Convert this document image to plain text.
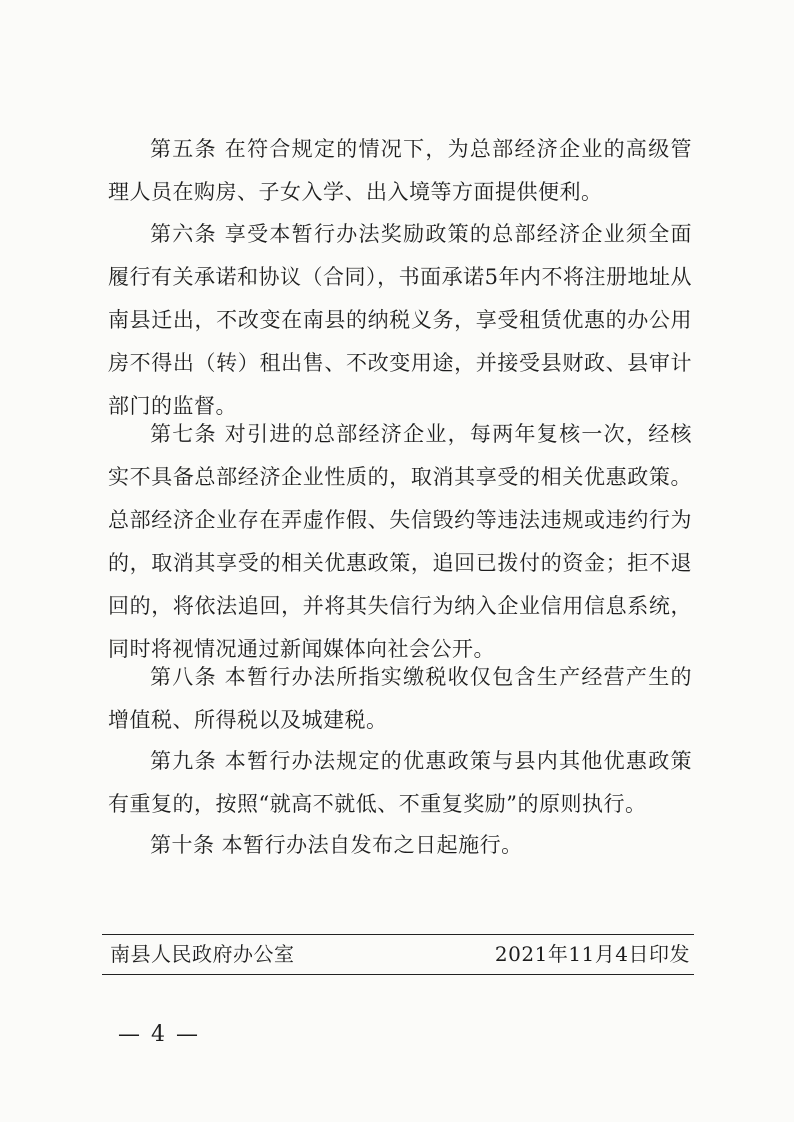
第五条 在符合规定的情况下，为总部经济企业的高级管理人员在购房、子女入学、出入境等方面提供便利。

第六条 享受本暂行办法奖励政策的总部经济企业须全面履行有关承诺和协议（合同），书面承诺5年内不将注册地址从南县迁出，不改变在南县的纳税义务，享受租赁优惠的办公用房不得出（转）租出售、不改变用途，并接受县财政、县审计部门的监督。

第七条 对引进的总部经济企业，每两年复核一次，经核实不具备总部经济企业性质的，取消其享受的相关优惠政策。总部经济企业存在弄虚作假、失信毁约等违法违规或违约行为的，取消其享受的相关优惠政策，追回已拨付的资金；拒不退回的，将依法追回，并将其失信行为纳入企业信用信息系统，同时将视情况通过新闻媒体向社会公开。

第八条 本暂行办法所指实缴税收仅包含生产经营产生的增值税、所得税以及城建税。

第九条 本暂行办法规定的优惠政策与县内其他优惠政策有重复的，按照“就高不就低、不重复奖励”的原则执行。

第十条 本暂行办法自发布之日起施行。

南县人民政府办公室	2021年11月4日印发
— 4 —
